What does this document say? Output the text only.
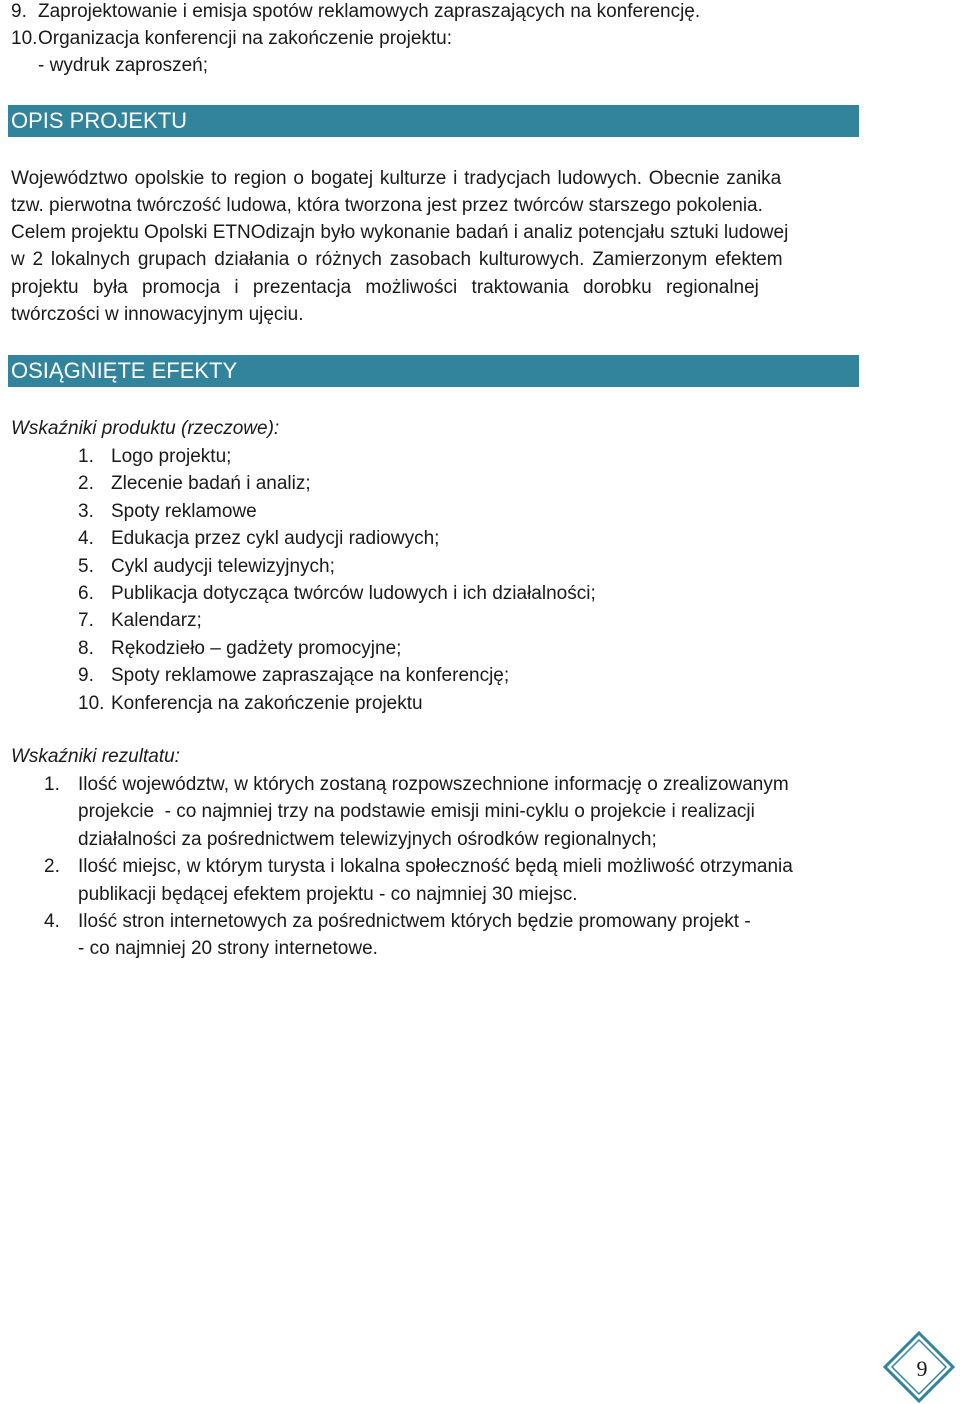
9. Zaprojektowanie i emisja spotów reklamowych zapraszających na konferencję.
10.Organizacja konferencji na zakończenie projektu:
- wydruk zaproszeń;
OPIS PROJEKTU
Województwo opolskie to region o bogatej kulturze i tradycjach ludowych. Obecnie zanika
tzw. pierwotna twórczość ludowa, która tworzona jest przez twórców starszego pokolenia.
Celem projektu Opolski ETNOdizajn było wykonanie badań i analiz potencjału sztuki ludowej
w 2 lokalnych grupach działania o różnych zasobach kulturowych. Zamierzonym efektem
projektu była promocja i prezentacja możliwości traktowania dorobku regionalnej
twórczości w innowacyjnym ujęciu.
OSIĄGNIĘTE EFEKTY
Wskaźniki produktu (rzeczowe):
1. Logo projektu;
2. Zlecenie badań i analiz;
3. Spoty reklamowe
4. Edukacja przez cykl audycji radiowych;
5. Cykl audycji telewizyjnych;
6. Publikacja dotycząca twórców ludowych i ich działalności;
7. Kalendarz;
8. Rękodzieło – gadżety promocyjne;
9. Spoty reklamowe zapraszające na konferencję;
10. Konferencja na zakończenie projektu
Wskaźniki rezultatu:
1. Ilość województw, w których zostaną rozpowszechnione informację o zrealizowanym
projekcie  - co najmniej trzy na podstawie emisji mini-cyklu o projekcie i realizacji
działalności za pośrednictwem telewizyjnych ośrodków regionalnych;
2. Ilość miejsc, w którym turysta i lokalna społeczność będą mieli możliwość otrzymania
publikacji będącej efektem projektu - co najmniej 30 miejsc.
4. Ilość stron internetowych za pośrednictwem których będzie promowany projekt -
- co najmniej 20 strony internetowe.
9
